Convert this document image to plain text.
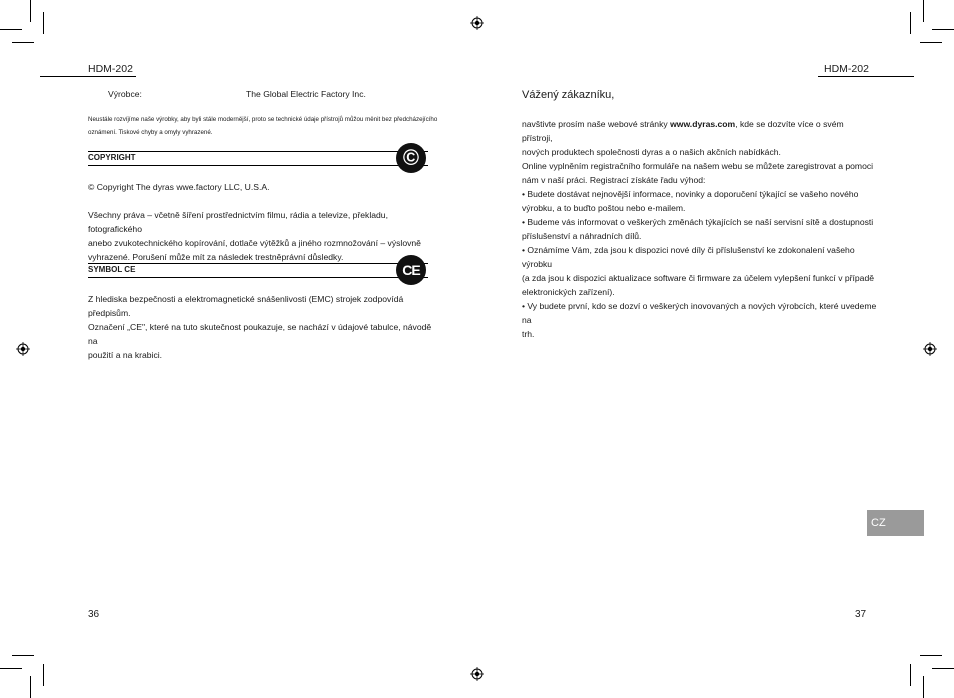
HDM-202
Výrobce:	The Global Electric Factory Inc.
Neustále rozvíjíme naše výrobky, aby byli stále modernější, proto se technické údaje přístrojů můžou měnit bez předcházejícího
oznámení. Tiskové chyby a omyly vyhrazené.
COPYRIGHT	©
© Copyright The dyras wwe.factory LLC, U.S.A.
Všechny práva – včetně šíření prostřednictvím filmu, rádia a televize, překladu, fotografického
anebo zvukotechnického kopírování, dotlače výtěžků a jiného rozmnožování – výslovně
vyhrazené. Porušení může mít za následek trestněprávní důsledky.
SYMBOL CE	CE
Z hlediska bezpečnosti a elektromagnetické snášenlivosti (EMC) strojek zodpovídá předpisům.
Označení „CE", které na tuto skutečnost poukazuje, se nachází v údajové tabulce, návodě na
použití a na krabici.
36
HDM-202
Vážený zákazníku,
navštivte prosím naše webové stránky www.dyras.com, kde se dozvíte více o svém přístroji,
nových produktech společnosti dyras a o našich akčních nabídkách.
Online vyplněním registračního formuláře na našem webu se můžete zaregistrovat a pomoci
nám v naší práci. Registrací získáte řadu výhod:
• Budete dostávat nejnovější informace, novinky a doporučení týkající se vašeho nového
výrobku, a to buďto poštou nebo e-mailem.
• Budeme vás informovat o veškerých změnách týkajících se naší servisní sítě a dostupnosti
příslušenství a náhradních dílů.
• Oznámíme Vám, zda jsou k dispozici nové díly či příslušenství ke zdokonalení vašeho výrobku
(a zda jsou k dispozici aktualizace software či firmware za účelem vylepšení funkcí v případě
elektronických zařízení).
• Vy budete první, kdo se dozví o veškerých inovovaných a nových výrobcích, které uvedeme na
trh.
CZ
37
